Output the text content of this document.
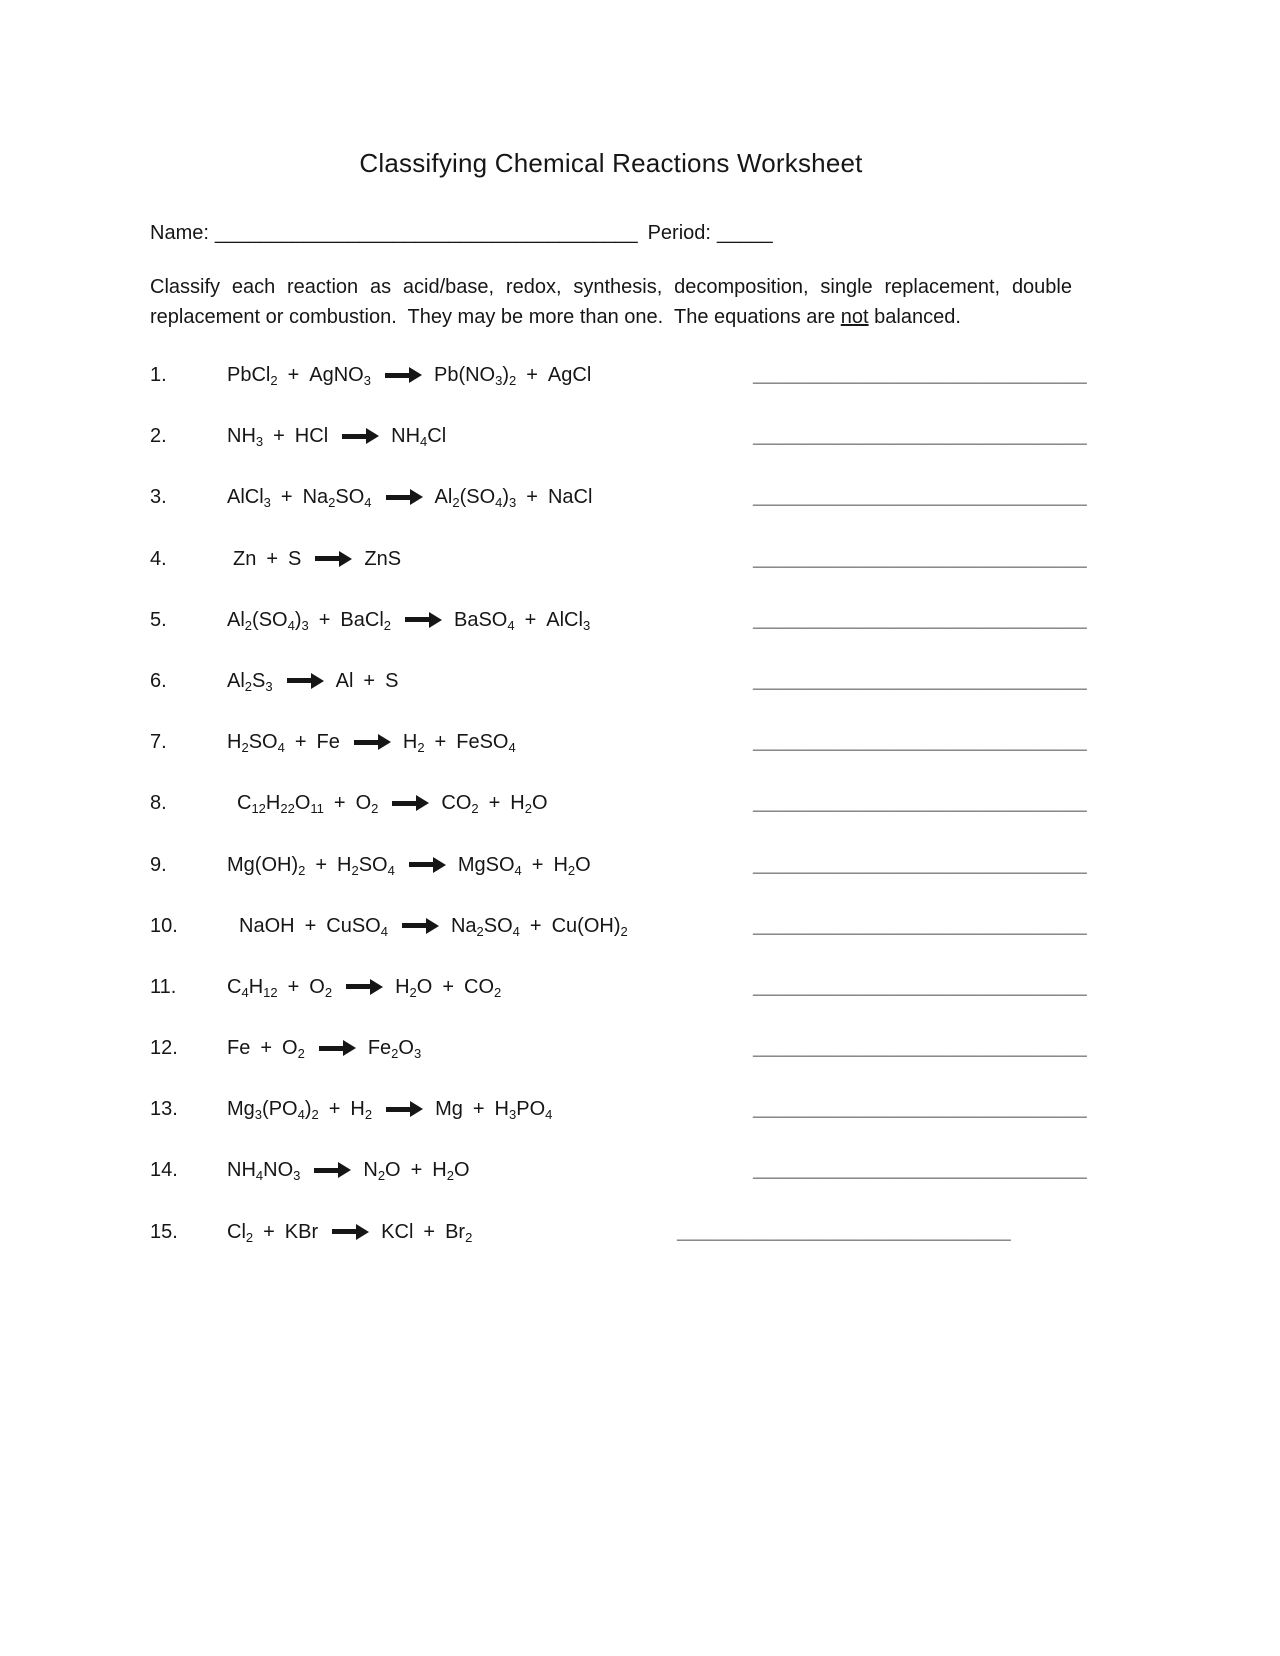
Classifying Chemical Reactions Worksheet
Name: ______________________________________ Period: _____

Classify each reaction as acid/base, redox, synthesis, decomposition, single replacement, double replacement or combustion.  They may be more than one.  The equations are not balanced.

1.	PbCl$_2$ + AgNO$_3$	$Pb(NO_3)_2$ + AgCl	______________________________
2.	$NH_3$ + HCl	$NH_4Cl$	______________________________
3.	AlCl$_3$ + $Na_2SO_4$	$Al_2(SO_4)_3$ + NaCl	______________________________
4.	Zn + S	ZnS	______________________________
5.	$Al_2(SO_4)_3$ + BaCl$_2$	BaSO$_4$ + AlCl$_3$	______________________________
6.	$Al_2S_3$	Al + S	______________________________
7.	$H_2SO_4$ + Fe	$H_2$ + FeSO$_4$	______________________________
8.	$C_{12}H_{22}O_{11}$ + $O_2$	$CO_2$ + $H_2O$	______________________________
9.	$Mg(OH)_2$ + $H_2SO_4$	MgSO$_4$ + $H_2O$	______________________________
10.	NaOH + CuSO$_4$	$Na_2SO_4$ + $Cu(OH)_2$	______________________________
11.	$C_4H_{12}$ + $O_2$	$H_2O$ + $CO_2$	______________________________
12. Fe + $O_2$	$Fe_2O_3$	______________________________
13. $Mg_3(PO_4)_2$ + $H_2$	Mg + $H_3PO_4$	______________________________
14. $NH_4NO_3$	$N_2O$ + $H_2O$	______________________________
15. $Cl_2$ + KBr	KCl + $Br_2$	______________________________
